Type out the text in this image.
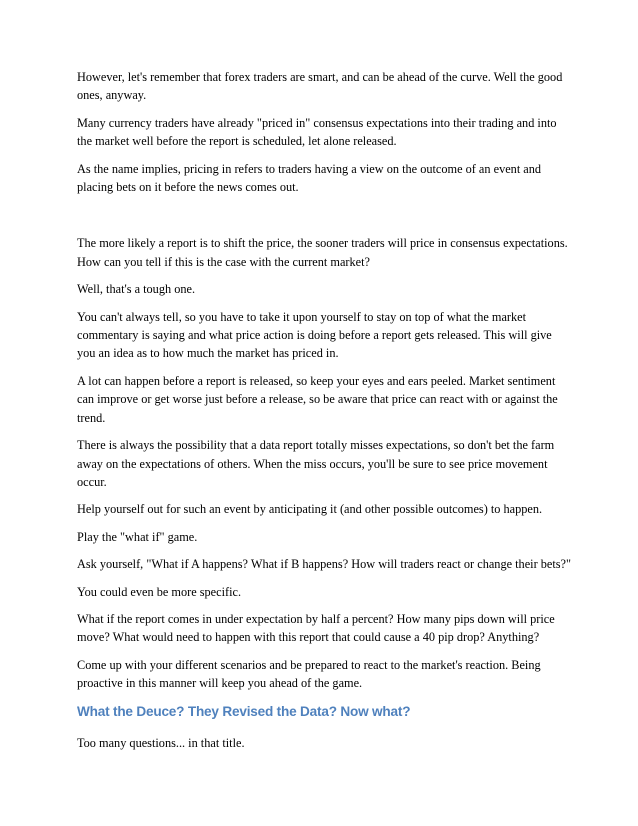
However, let's remember that forex traders are smart, and can be ahead of the curve. Well the good ones, anyway.

Many currency traders have already "priced in" consensus expectations into their trading and into the market well before the report is scheduled, let alone released.

As the name implies, pricing in refers to traders having a view on the outcome of an event and placing bets on it before the news comes out.

The more likely a report is to shift the price, the sooner traders will price in consensus expectations. How can you tell if this is the case with the current market?

Well, that's a tough one.

You can't always tell, so you have to take it upon yourself to stay on top of what the market commentary is saying and what price action is doing before a report gets released. This will give you an idea as to how much the market has priced in.

A lot can happen before a report is released, so keep your eyes and ears peeled. Market sentiment can improve or get worse just before a release, so be aware that price can react with or against the trend.

There is always the possibility that a data report totally misses expectations, so don't bet the farm away on the expectations of others. When the miss occurs, you'll be sure to see price movement occur.

Help yourself out for such an event by anticipating it (and other possible outcomes) to happen.

Play the "what if" game.

Ask yourself, "What if A happens? What if B happens? How will traders react or change their bets?"

You could even be more specific.

What if the report comes in under expectation by half a percent? How many pips down will price move? What would need to happen with this report that could cause a 40 pip drop? Anything?

Come up with your different scenarios and be prepared to react to the market's reaction. Being proactive in this manner will keep you ahead of the game.

What the Deuce? They Revised the Data? Now what?

Too many questions... in that title.
